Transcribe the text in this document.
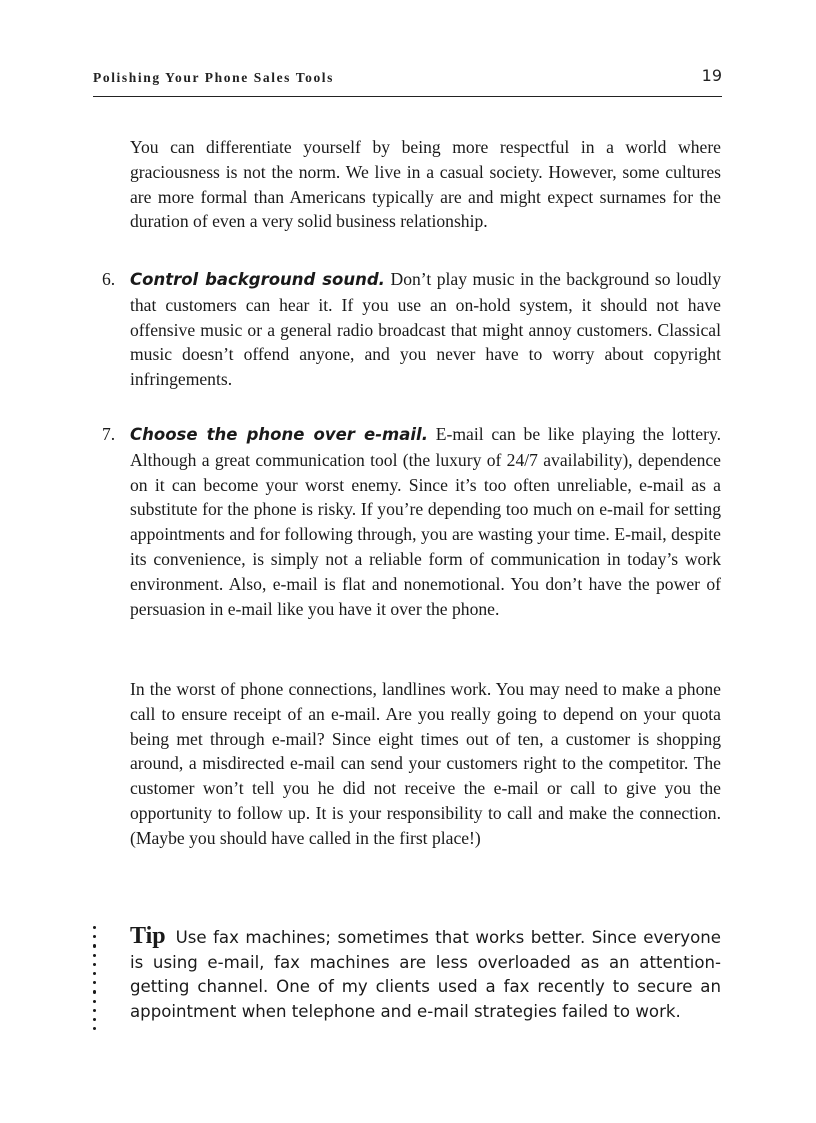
Polishing Your Phone Sales Tools	19

You can differentiate yourself by being more respectful in a world where graciousness is not the norm. We live in a casual society. However, some cultures are more formal than Americans typically are and might expect surnames for the duration of even a very solid business relationship.

6. Control background sound. Don’t play music in the background so loudly that customers can hear it. If you use an on-hold system, it should not have offensive music or a general radio broadcast that might annoy customers. Classical music doesn’t offend anyone, and you never have to worry about copyright infringements.
7. Choose the phone over e-mail. E-mail can be like playing the lottery. Although a great communication tool (the luxury of 24/7 availability), dependence on it can become your worst enemy. Since it’s too often unreliable, e-mail as a substitute for the phone is risky. If you’re depending too much on e-mail for setting appointments and for following through, you are wasting your time. E-mail, despite its convenience, is simply not a reliable form of communication in today’s work environment. Also, e-mail is flat and nonemotional. You don’t have the power of persuasion in e-mail like you have it over the phone.

In the worst of phone connections, landlines work. You may need to make a phone call to ensure receipt of an e-mail. Are you really going to depend on your quota being met through e-mail? Since eight times out of ten, a customer is shopping around, a misdirected e-mail can send your customers right to the competitor. The customer won’t tell you he did not receive the e-mail or call to give you the opportunity to follow up. It is your responsibility to call and make the connection. (Maybe you should have called in the first place!)

Tip Use fax machines; sometimes that works better. Since everyone is using e-mail, fax machines are less overloaded as an attention-getting channel. One of my clients used a fax recently to secure an appointment when telephone and e-mail strategies failed to work.
